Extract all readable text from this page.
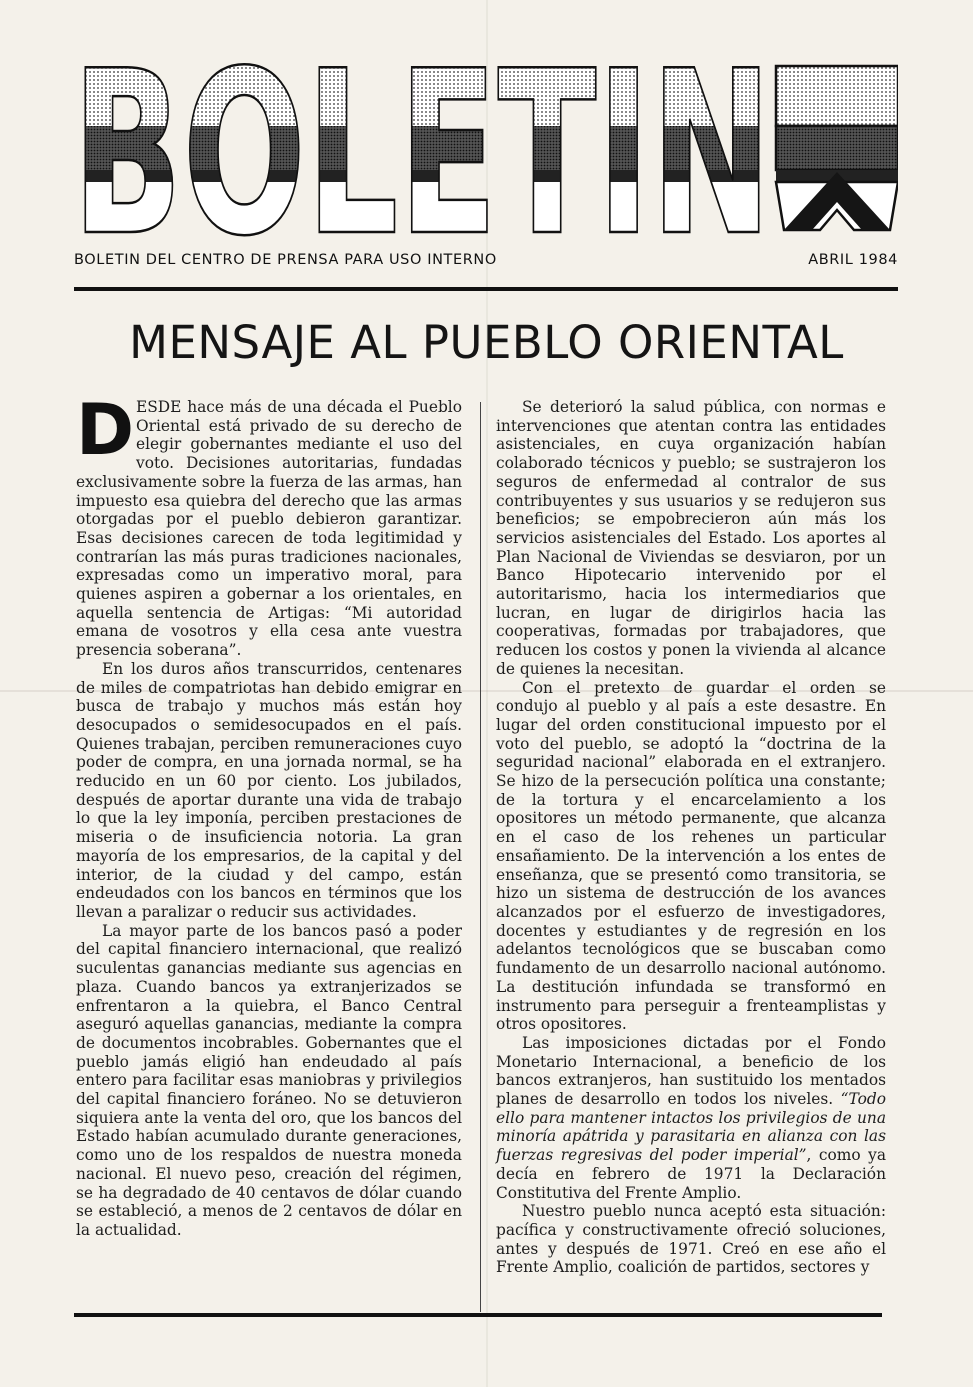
BOLETIN
BOLETIN DEL CENTRO DE PRENSA PARA USO INTERNO	ABRIL 1984
MENSAJE AL PUEBLO ORIENTAL

DESDE hace más de una década el Pueblo Oriental está privado de su derecho de elegir gobernantes mediante el uso del voto. Decisiones autoritarias, fundadas exclusivamente sobre la fuerza de las armas, han impuesto esa quiebra del derecho que las armas otorgadas por el pueblo debieron garantizar. Esas decisiones carecen de toda legitimidad y contrarían las más puras tradiciones nacionales, expresadas como un imperativo moral, para quienes aspiren a gobernar a los orientales, en aquella sentencia de Artigas: “Mi autoridad emana de vosotros y ella cesa ante vuestra presencia soberana”.

En los duros años transcurridos, centenares de miles de compatriotas han debido emigrar en busca de trabajo y muchos más están hoy desocupados o semidesocupados en el país. Quienes trabajan, perciben remuneraciones cuyo poder de compra, en una jornada normal, se ha reducido en un 60 por ciento. Los jubilados, después de aportar durante una vida de trabajo lo que la ley imponía, perciben prestaciones de miseria o de insuficiencia notoria. La gran mayoría de los empresarios, de la capital y del interior, de la ciudad y del campo, están endeudados con los bancos en términos que los llevan a paralizar o reducir sus actividades.

La mayor parte de los bancos pasó a poder del capital financiero internacional, que realizó suculentas ganancias mediante sus agencias en plaza. Cuando bancos ya extranjerizados se enfrentaron a la quiebra, el Banco Central aseguró aquellas ganancias, mediante la compra de documentos incobrables. Gobernantes que el pueblo jamás eligió han endeudado al país entero para facilitar esas maniobras y privilegios del capital financiero foráneo. No se detuvieron siquiera ante la venta del oro, que los bancos del Estado habían acumulado durante generaciones, como uno de los respaldos de nuestra moneda nacional. El nuevo peso, creación del régimen, se ha degradado de 40 centavos de dólar cuando se estableció, a menos de 2 centavos de dólar en la actualidad.

Se deterioró la salud pública, con normas e intervenciones que atentan contra las entidades asistenciales, en cuya organización habían colaborado técnicos y pueblo; se sustrajeron los seguros de enfermedad al contralor de sus contribuyentes y sus usuarios y se redujeron sus beneficios; se empobrecieron aún más los servicios asistenciales del Estado. Los aportes al Plan Nacional de Viviendas se desviaron, por un Banco Hipotecario intervenido por el autoritarismo, hacia los intermediarios que lucran, en lugar de dirigirlos hacia las cooperativas, formadas por trabajadores, que reducen los costos y ponen la vivienda al alcance de quienes la necesitan.

Con el pretexto de guardar el orden se condujo al pueblo y al país a este desastre. En lugar del orden constitucional impuesto por el voto del pueblo, se adoptó la “doctrina de la seguridad nacional” elaborada en el extranjero. Se hizo de la persecución política una constante; de la tortura y el encarcelamiento a los opositores un método permanente, que alcanza en el caso de los rehenes un particular ensañamiento. De la intervención a los entes de enseñanza, que se presentó como transitoria, se hizo un sistema de destrucción de los avances alcanzados por el esfuerzo de investigadores, docentes y estudiantes y de regresión en los adelantos tecnológicos que se buscaban como fundamento de un desarrollo nacional autónomo. La destitución infundada se transformó en instrumento para perseguir a frenteamplistas y otros opositores.

Las imposiciones dictadas por el Fondo Monetario Internacional, a beneficio de los bancos extranjeros, han sustituido los mentados planes de desarrollo en todos los niveles. “Todo ello para mantener intactos los privilegios de una minoría apátrida y parasitaria en alianza con las fuerzas regresivas del poder imperial”, como ya decía en febrero de 1971 la Declaración Constitutiva del Frente Amplio.

Nuestro pueblo nunca aceptó esta situación: pacífica y constructivamente ofreció soluciones, antes y después de 1971. Creó en ese año el Frente Amplio, coalición de partidos, sectores y
